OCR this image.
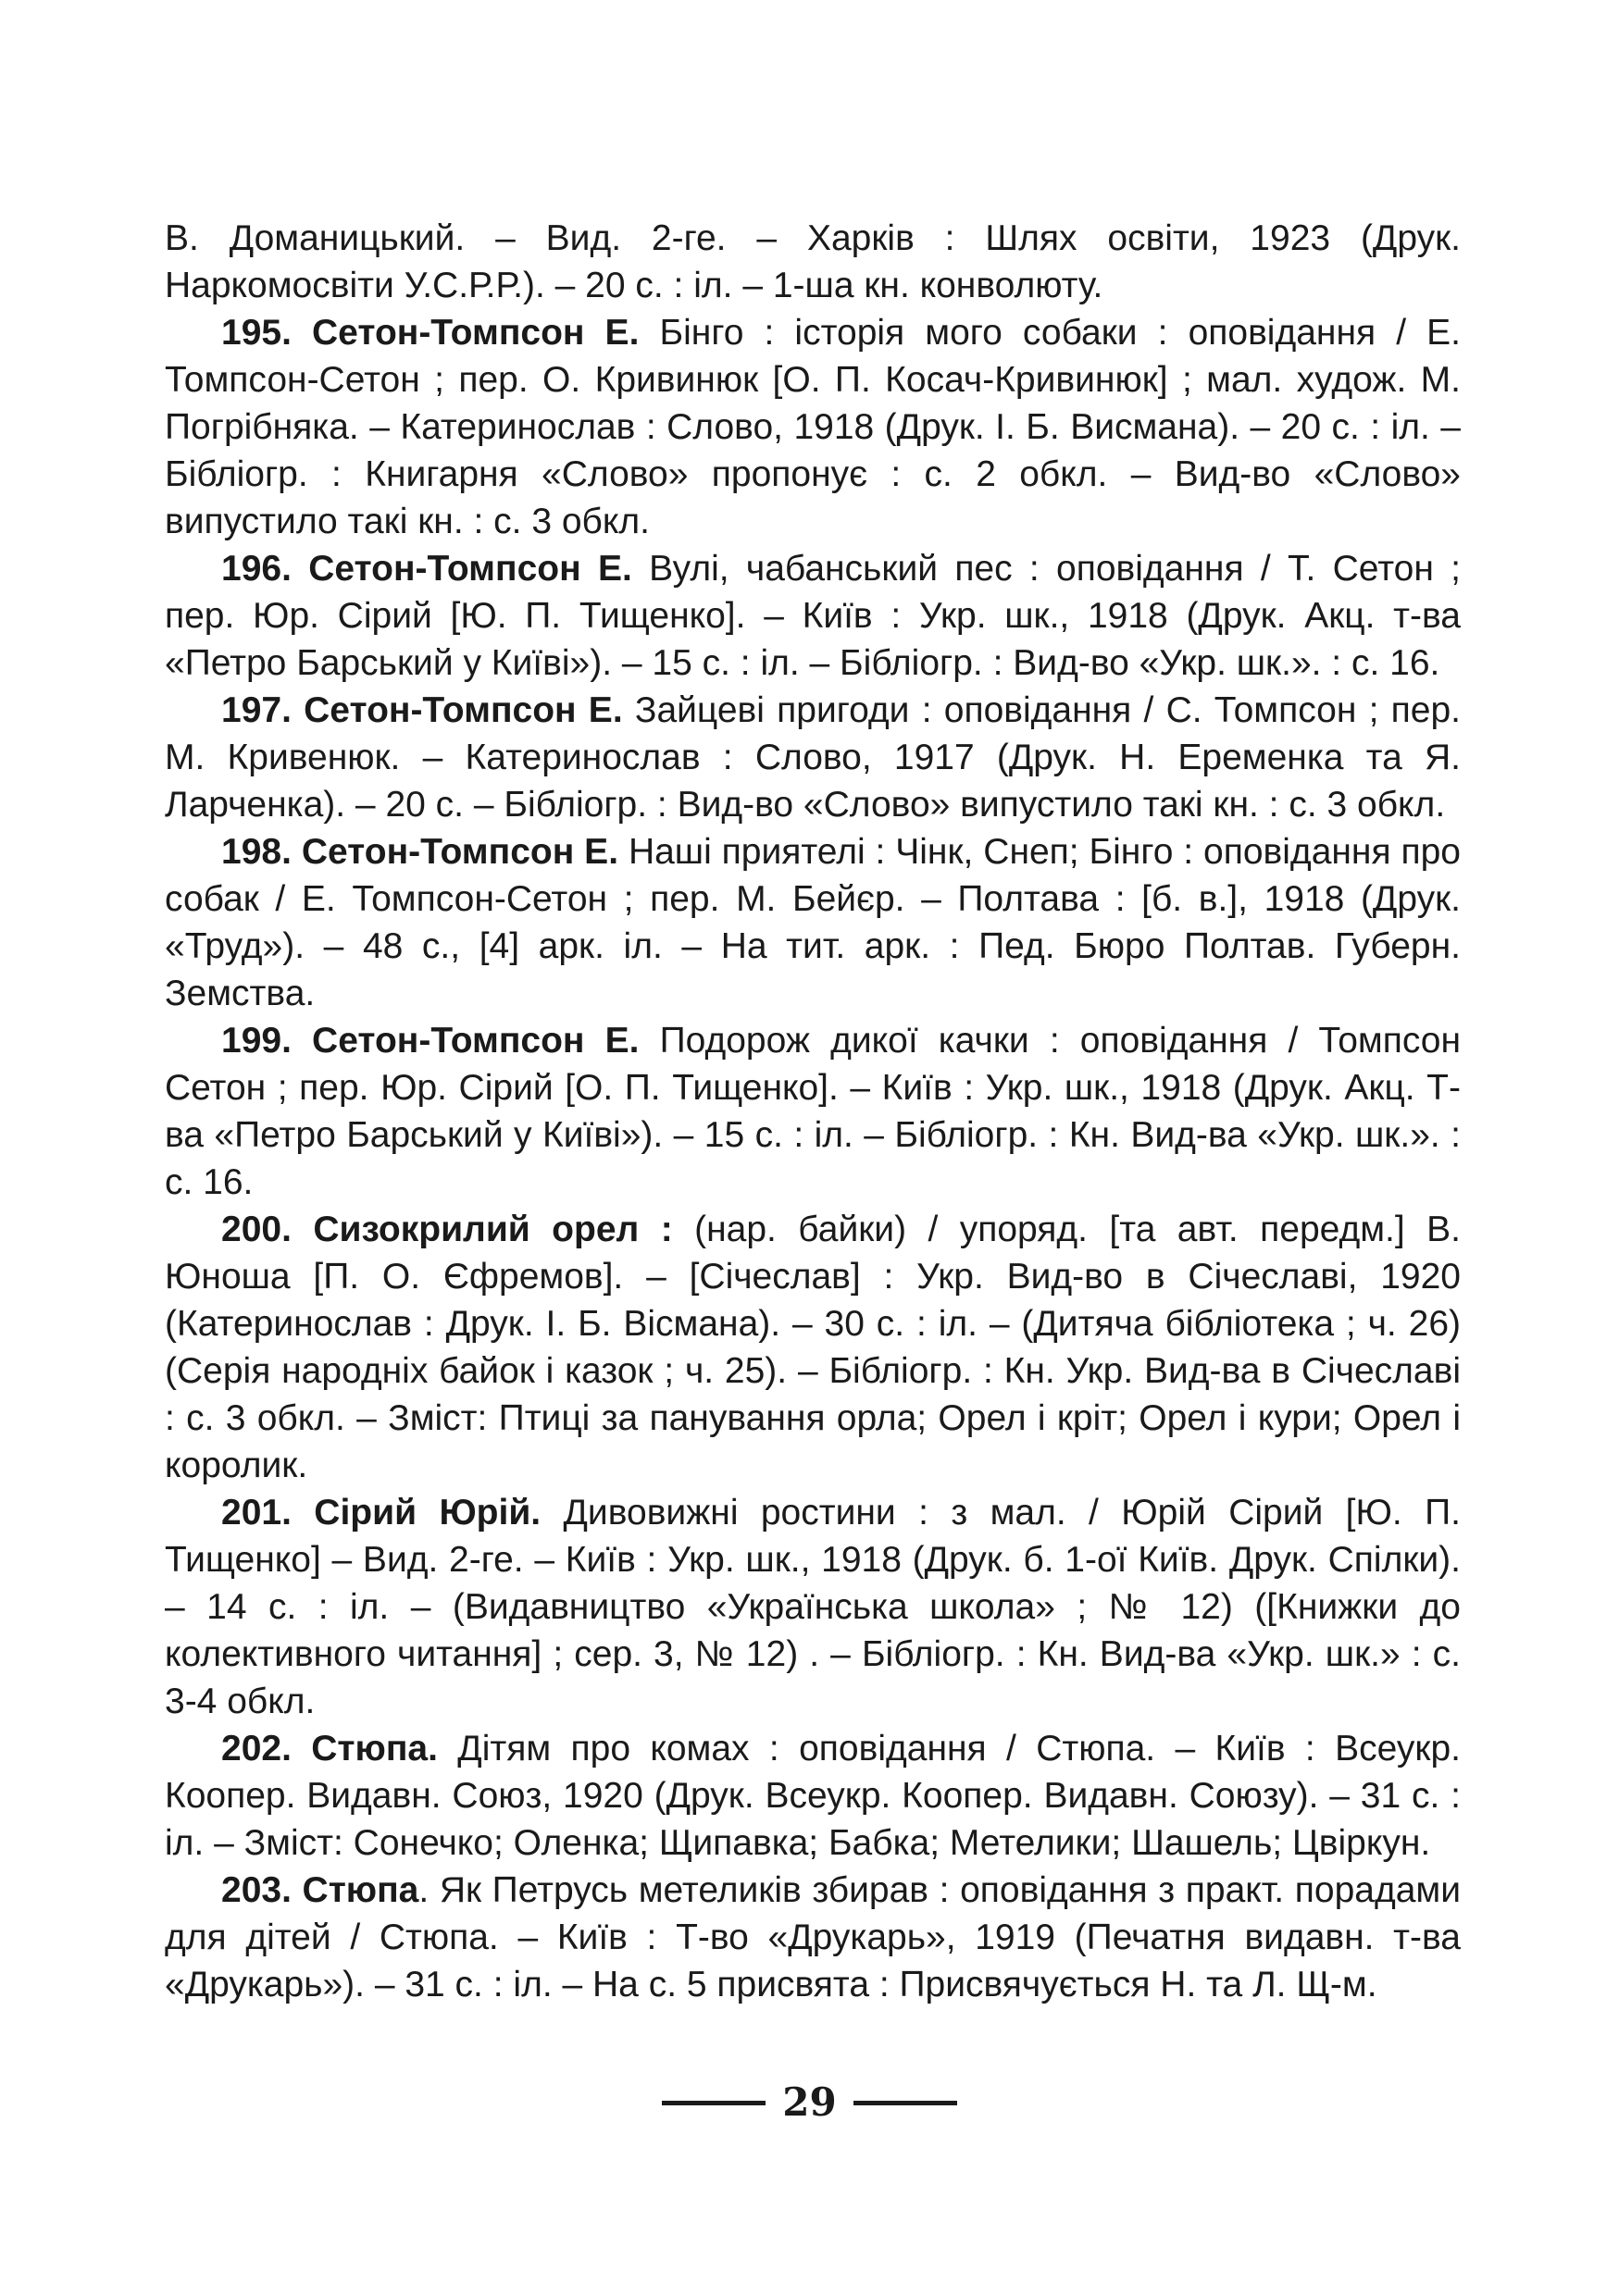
В. Доманицький. – Вид. 2-ге. – Харків : Шлях освіти, 1923 (Друк. Наркомосвіти У.С.Р.Р.). – 20 с. : іл. – 1-ша кн. конволюту.

195. Сетон-Томпсон Е. Бінго : історія мого собаки : оповідання / Е. Томпсон-Сетон ; пер. О. Кривинюк [О. П. Косач-Кривинюк] ; мал. худож. М. Погрібняка. – Катеринослав : Слово, 1918 (Друк. І. Б. Висмана). – 20 с. : іл. – Бібліогр. : Книгарня «Слово» пропонує : с. 2 обкл. – Вид-во «Слово» випустило такі кн. : с. 3 обкл.

196. Сетон-Томпсон Е. Вулі, чабанський пес : оповідання / Т. Сетон ; пер. Юр. Сірий [Ю. П. Тищенко]. – Київ : Укр. шк., 1918 (Друк. Акц. т-ва «Петро Барський у Київі»). – 15 с. : іл. – Бібліогр. : Вид-во «Укр. шк.». : с. 16.

197. Сетон-Томпсон Е. Зайцеві пригоди : оповідання / С. Томпсон ; пер. М. Кривенюк. – Катеринослав : Слово, 1917 (Друк. Н. Еременка та Я. Ларченка). – 20 с. – Бібліогр. : Вид-во «Слово» випустило такі кн. : с. 3 обкл.

198. Сетон-Томпсон Е. Наші приятелі : Чінк, Снеп; Бінго : оповідання про собак / Е. Томпсон-Сетон ; пер. М. Бейєр. – Полтава : [б. в.], 1918 (Друк. «Труд»). – 48 с., [4] арк. іл. – На тит. арк. : Пед. Бюро Полтав. Губерн. Земства.

199. Сетон-Томпсон Е. Подорож дикої качки : оповідання / Томпсон Сетон ; пер. Юр. Сірий [О. П. Тищенко]. – Київ : Укр. шк., 1918 (Друк. Акц. Т-ва «Петро Барський у Київі»). – 15 с. : іл. – Бібліогр. : Кн. Вид-ва «Укр. шк.». : с. 16.

200. Сизокрилий орел : (нар. байки) / упоряд. [та авт. передм.] В. Юноша [П. О. Єфремов]. – [Січеслав] : Укр. Вид-во в Січеславі, 1920 (Катеринослав : Друк. І. Б. Вісмана). – 30 с. : іл. – (Дитяча бібліотека ; ч. 26) (Серія народніх байок і казок ; ч. 25). – Бібліогр. : Кн. Укр. Вид-ва в Січеславі : с. 3 обкл. – Зміст: Птиці за панування орла; Орел і кріт; Орел і кури; Орел і королик.

201. Сірий Юрій. Дивовижні ростини : з мал. / Юрій Сірий [Ю. П. Тищенко] – Вид. 2-ге. – Київ : Укр. шк., 1918 (Друк. б. 1-ої Київ. Друк. Спілки). – 14 с. : іл. – (Видавництво «Українська школа» ; № 12) ([Книжки до колективного читання] ; сер. 3, № 12) . – Бібліогр. : Кн. Вид-ва «Укр. шк.» : с. 3-4 обкл.

202. Стюпа. Дітям про комах : оповідання / Стюпа. – Київ : Всеукр. Коопер. Видавн. Союз, 1920 (Друк. Всеукр. Коопер. Видавн. Союзу). – 31 с. : іл. – Зміст: Сонечко; Оленка; Щипавка; Бабка; Метелики; Шашель; Цвіркун.

203. Стюпа. Як Петрусь метеликів збирав : оповідання з практ. порадами для дітей / Стюпа. – Київ : Т-во «Друкарь», 1919 (Печатня видавн. т-ва «Друкарь»). – 31 с. : іл. – На с. 5 присвята : Присвячується Н. та Л. Щ-м.

29
